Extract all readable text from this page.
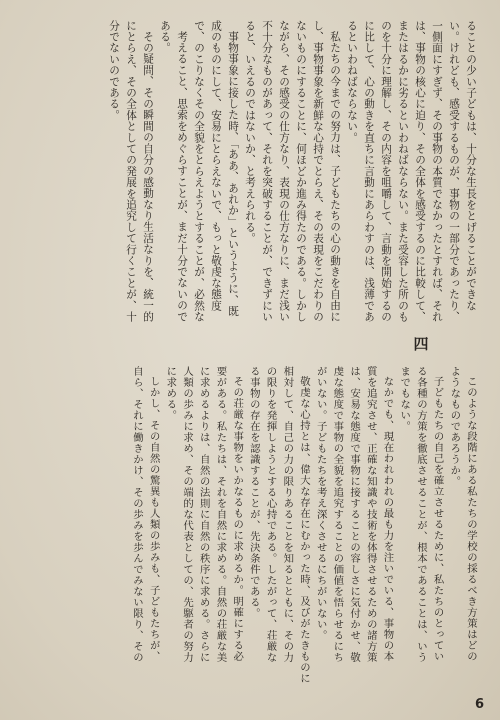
ることの少い子どもは、十分な生長をとげることができな
い。けれども、感受するものが、事物の一部分であったり、
一側面にすぎず、その事物の本質でなかったとすれば、それ
は、事物の核心に迫り、その全体を感受するのに比較して、
またはるかに劣るといわねばならない。また受容した所のも
のを十分に理解し、その内容を咀嚼して、言動を開始するの
に比して、心の動きを直ちに言動にあらわすのは、浅薄であ
るといわねばならない。
私たちの今までの努力は、子どもたちの心の動きを自由に
し、事物事象を新鮮な心持でとらえ、その表現をこだわりの
ないものにすることに、何ほどか進み得たのである。しかし
ながら、その感受の仕方なり、表現の仕方なりに、まだ浅い
不十分なものがあって、それを突破することが、できずにい
ると、いえるのではないか、と考えられる。
事物事象に接した時、「ああ、あれか」というように、既
成のものにして、安易にとらえないで、もっと敬虔な態度
で、のこりなくその全貌をとらえようとすることが、必然な
考えること、思索をめぐらすことが、まだ十分でないので
ある。
その疑問、その瞬間の自分の感動なり生活なりを、統一的
にとらえ、その全体としての発展を追究して行くことが、十
分でないのである。
四
このような段階にある私たちの学校の採るべき方策はどの
ようなものであろうか。
子どもたちの自己を確立させるために、私たちのとってい
る各種の方策を徹底させることが、根本であることは、いう
までもない。
なかでも、現在われわれの最も力を注いでいる、事物の本
質を追究させ、正確な知識や技術を体得させるための諸方策
は、安易な態度で事物に接することの容しさに気付かせ、敬
虔な態度で事物の全貌を追究することの価値を悟らせるにち
がいない。子どもたちを考え深くさせるにちがいない。
敬虔な心持とは、偉大な存在にむかった時、及びがたきものに
相対して、自己の力の限りあることを知るとともに、その力
の限りを発揮しようとする心持である。したがって、荘厳な
る事物の存在を認識することが、先決条件である。
その荘厳な事物をいかなるものに求めるか。明確にする必
要がある。私たちは、それを自然に求める。自然の荘厳な美
に求めるよりは、自然の法則に自然の秩序に求める。さらに
人類の歩みに求め、その端的な代表としての、先駆者の努力
に求める。
しかし、その自然の驚異も人類の歩みも、子どもたちが、
自ら、それに働きかけ、その歩みを歩んでみない限り、その
6
